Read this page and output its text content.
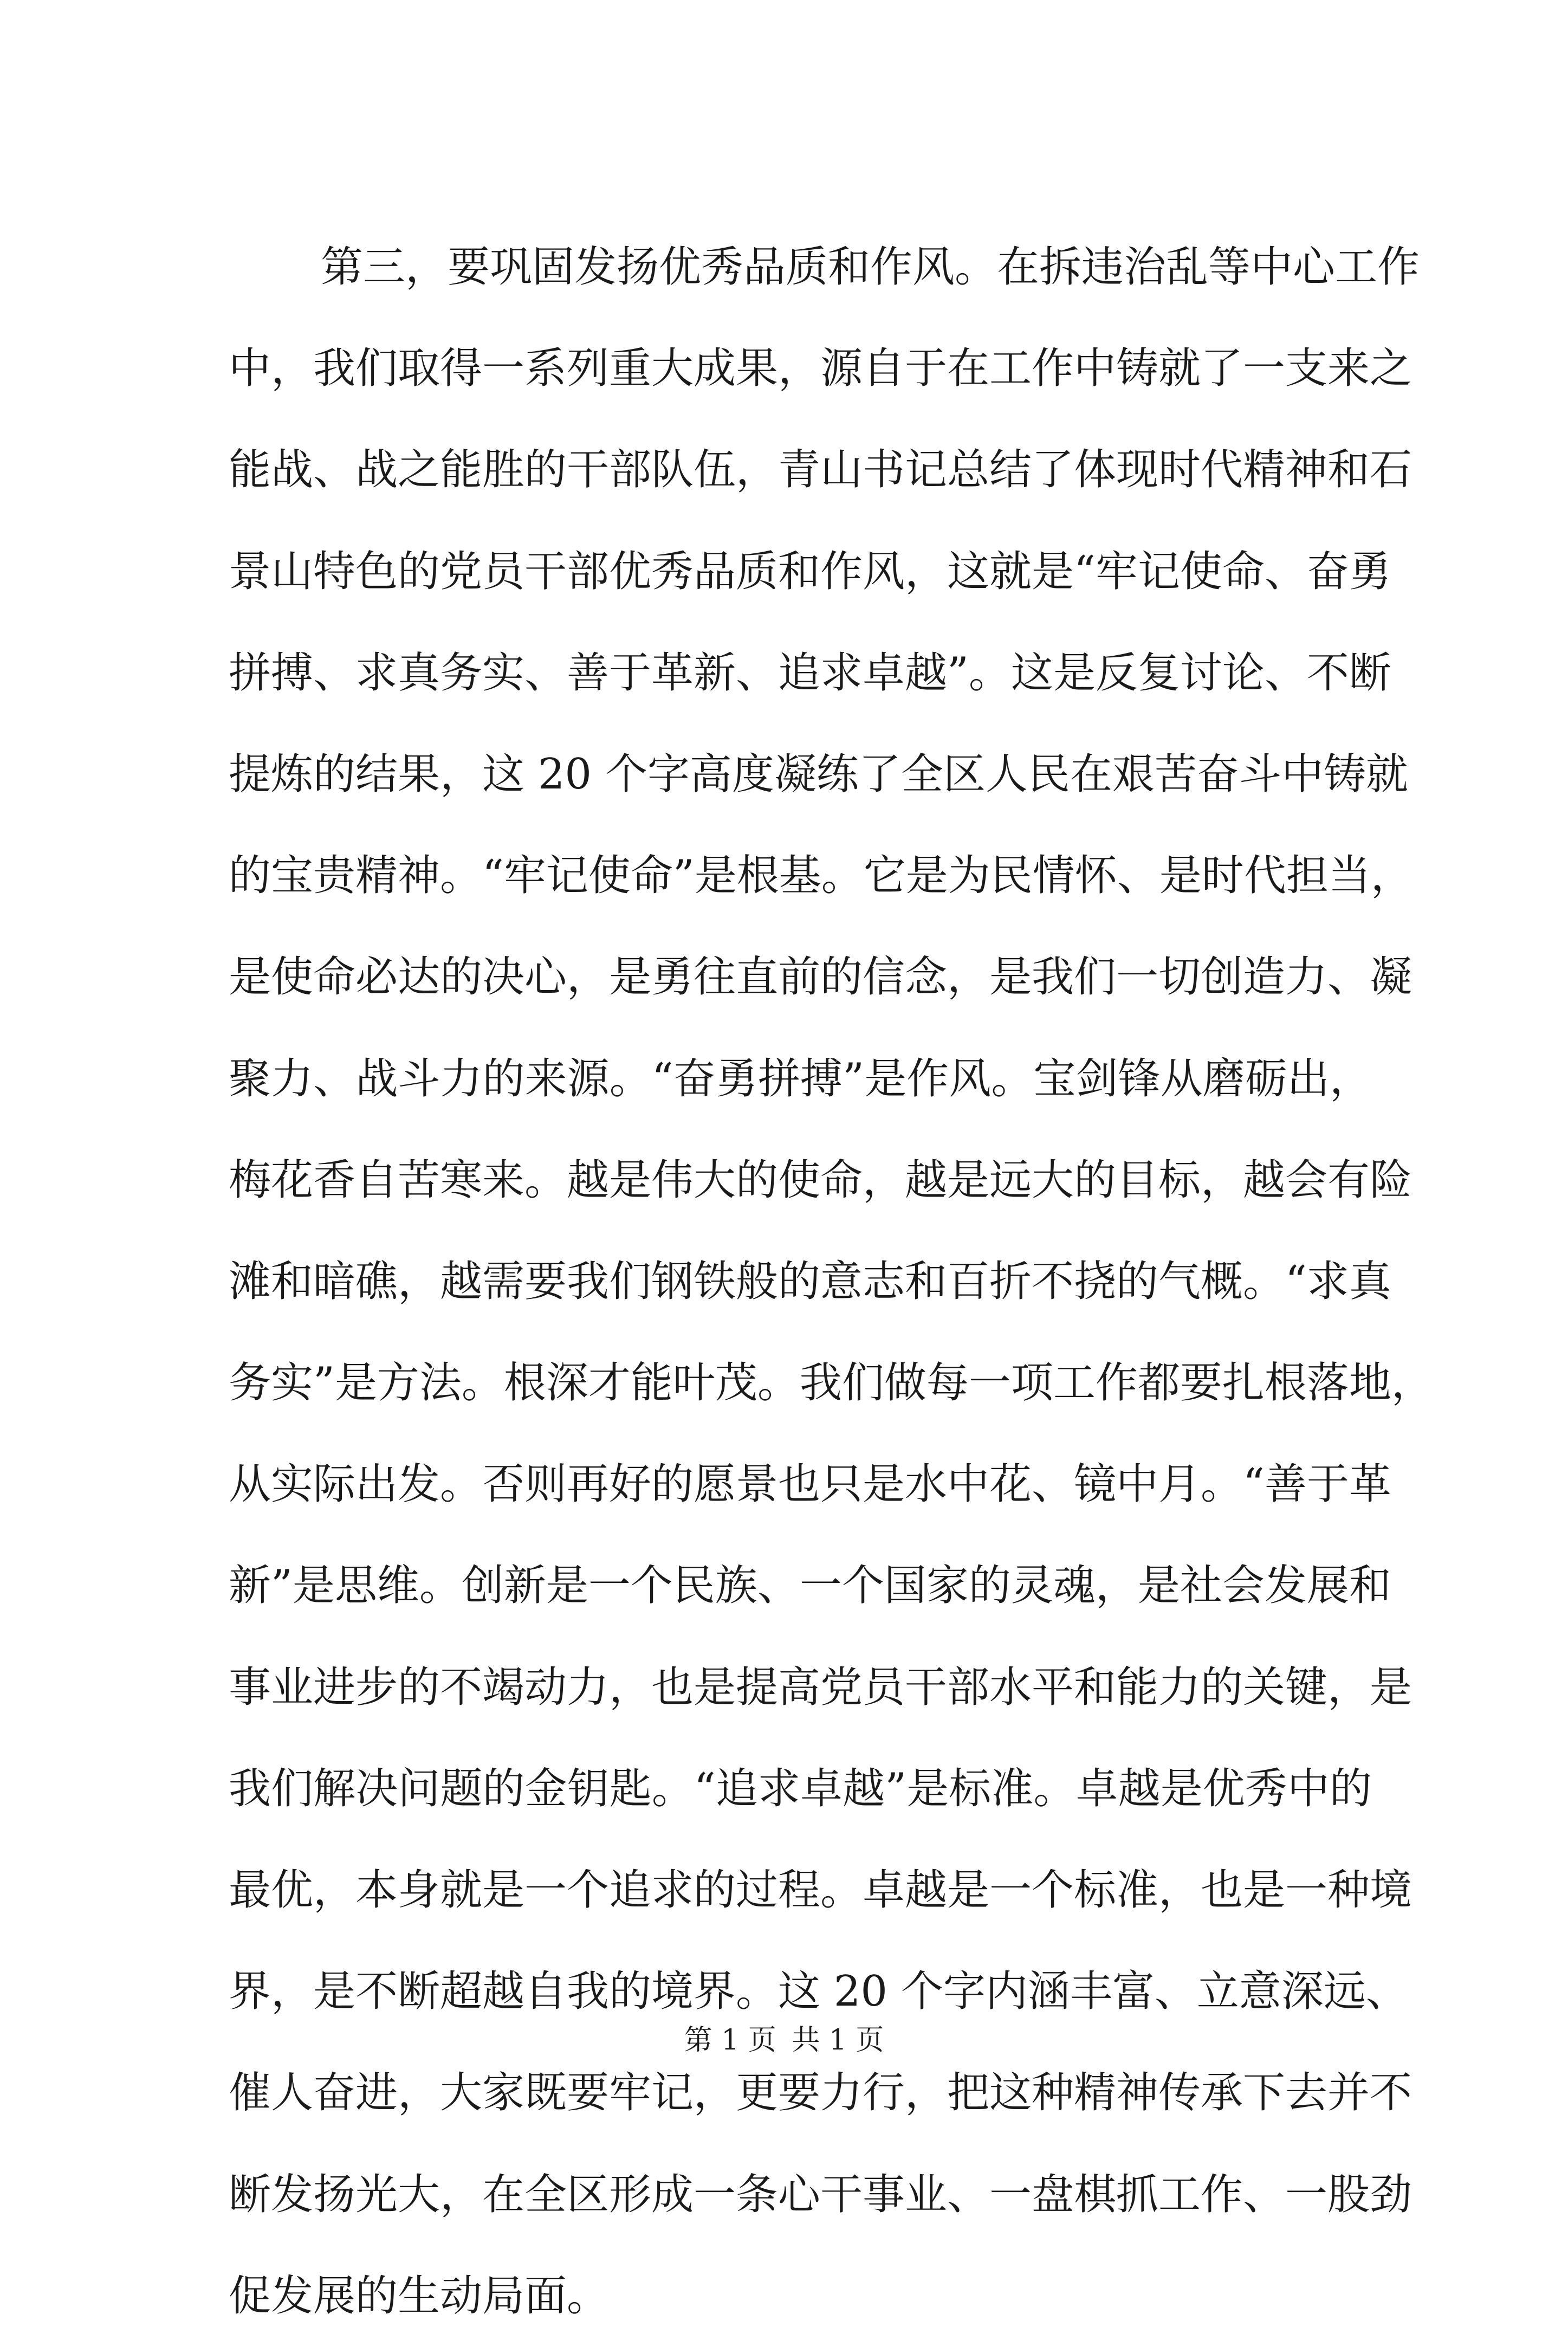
第三，要巩固发扬优秀品质和作风。在拆违治乱等中心工作
中，我们取得一系列重大成果，源自于在工作中铸就了一支来之
能战、战之能胜的干部队伍，青山书记总结了体现时代精神和石
景山特色的党员干部优秀品质和作风，这就是“牢记使命、奋勇
拼搏、求真务实、善于革新、追求卓越”。这是反复讨论、不断
提炼的结果，这 20 个字高度凝练了全区人民在艰苦奋斗中铸就
的宝贵精神。“牢记使命”是根基。它是为民情怀、是时代担当，
是使命必达的决心，是勇往直前的信念，是我们一切创造力、凝
聚力、战斗力的来源。“奋勇拼搏”是作风。宝剑锋从磨砺出，
梅花香自苦寒来。越是伟大的使命，越是远大的目标，越会有险
滩和暗礁，越需要我们钢铁般的意志和百折不挠的气概。“求真
务实”是方法。根深才能叶茂。我们做每一项工作都要扎根落地，
从实际出发。否则再好的愿景也只是水中花、镜中月。“善于革
新”是思维。创新是一个民族、一个国家的灵魂，是社会发展和
事业进步的不竭动力，也是提高党员干部水平和能力的关键，是
我们解决问题的金钥匙。“追求卓越”是标准。卓越是优秀中的
最优，本身就是一个追求的过程。卓越是一个标准，也是一种境
界，是不断超越自我的境界。这 20 个字内涵丰富、立意深远、
催人奋进，大家既要牢记，更要力行，把这种精神传承下去并不
断发扬光大，在全区形成一条心干事业、一盘棋抓工作、一股劲
促发展的生动局面。
第 1 页 共 1 页
